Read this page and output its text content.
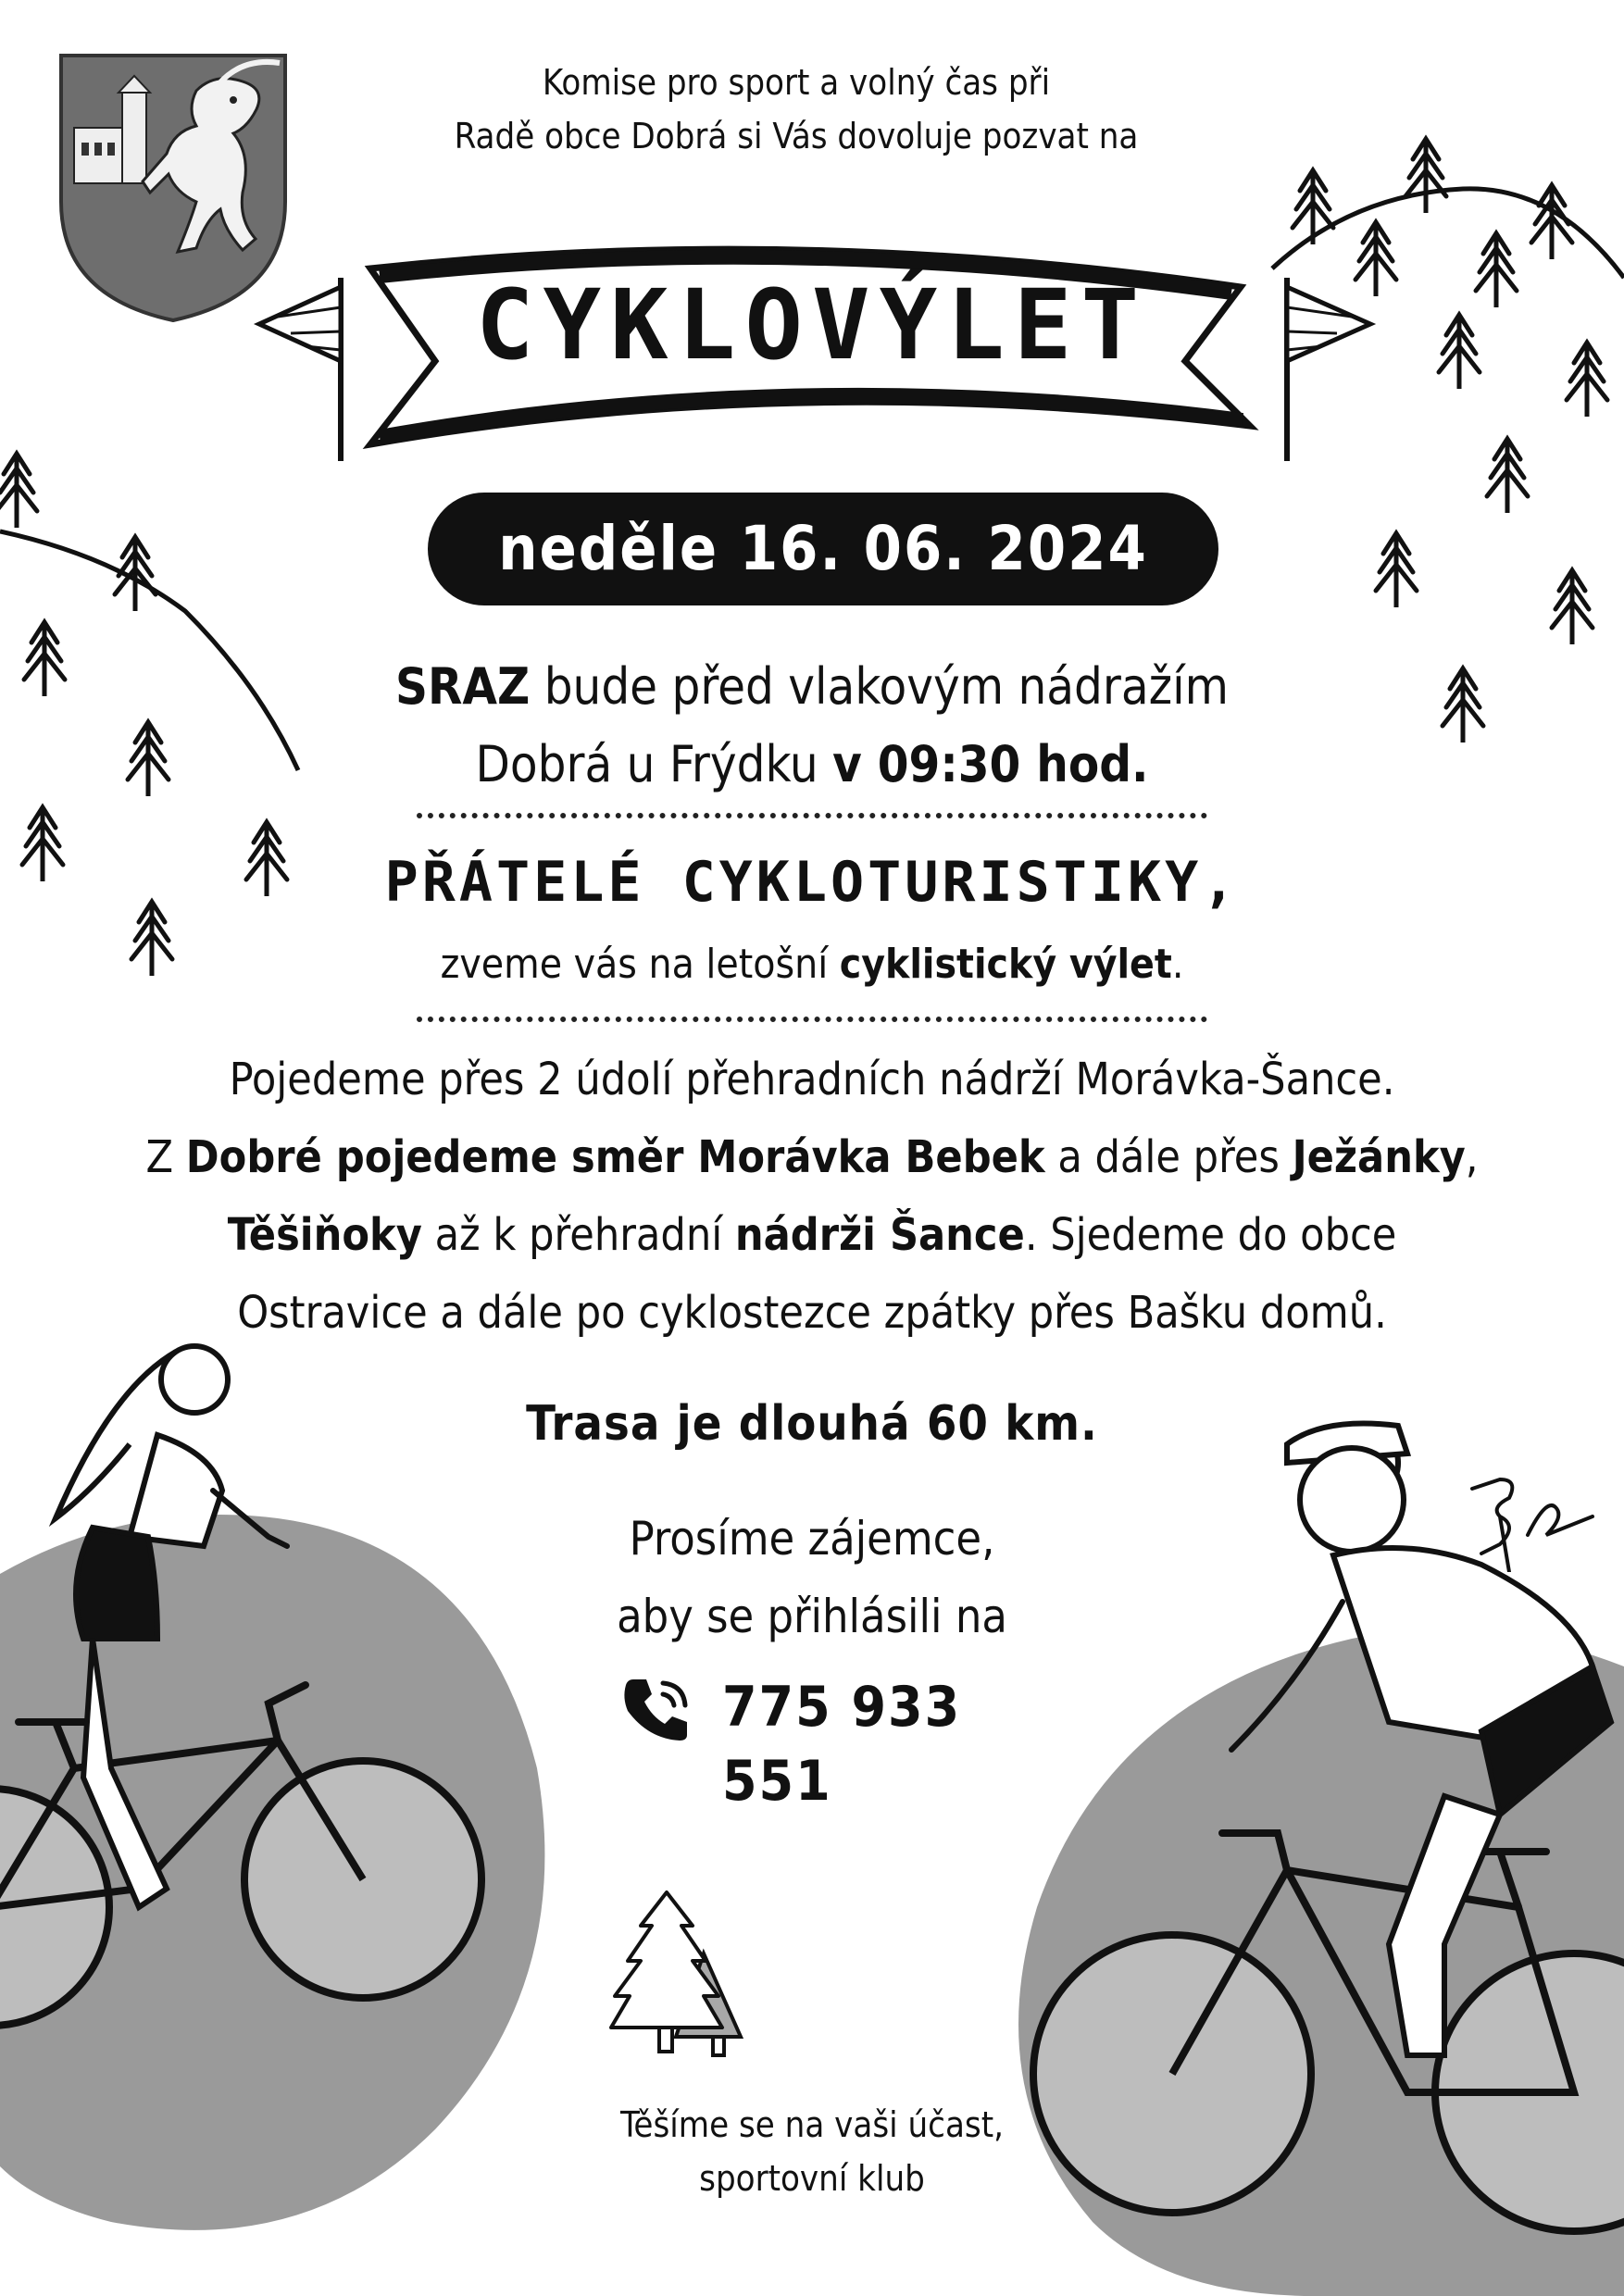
Komise pro sport a volný čas při
Radě obce Dobrá si Vás dovoluje pozvat na
CYKLOVÝLET
neděle 16. 06. 2024
SRAZ bude před vlakovým nádražím
Dobrá u Frýdku v 09:30 hod.
PŘÁTELÉ CYKLOTURISTIKY,
zveme vás na letošní cyklistický výlet.
Pojedeme přes 2 údolí přehradních nádrží Morávka-Šance.
Z Dobré pojedeme směr Morávka Bebek a dále přes Ježánky,
Těšiňoky až k přehradní nádrži Šance. Sjedeme do obce
Ostravice a dále po cyklostezce zpátky přes Bašku domů.
Trasa je dlouhá 60 km.
Prosíme zájemce,
aby se přihlásili na
775 933 551
Těšíme se na vaši účast,
sportovní klub
